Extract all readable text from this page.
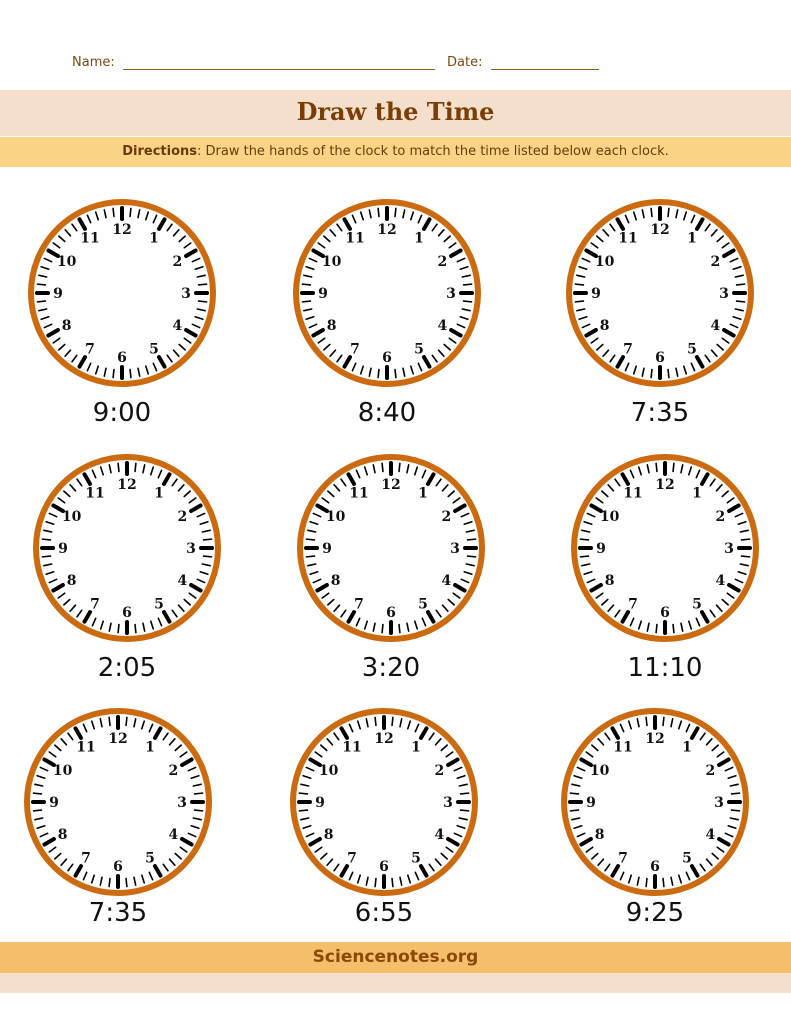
Name:	Date:
Draw the Time
Directions: Draw the hands of the clock to match the time listed below each clock.
12
1
2
3
4
5
6
7
8
9
10
11
9:00
12
1
2
3
4
5
6
7
8
9
10
11
8:40
12
1
2
3
4
5
6
7
8
9
10
11
7:35
12
1
2
3
4
5
6
7
8
9
10
11
2:05
12
1
2
3
4
5
6
7
8
9
10
11
3:20
12
1
2
3
4
5
6
7
8
9
10
11
11:10
12
1
2
3
4
5
6
7
8
9
10
11
7:35
12
1
2
3
4
5
6
7
8
9
10
11
6:55
12
1
2
3
4
5
6
7
8
9
10
11
9:25
Sciencenotes.org
